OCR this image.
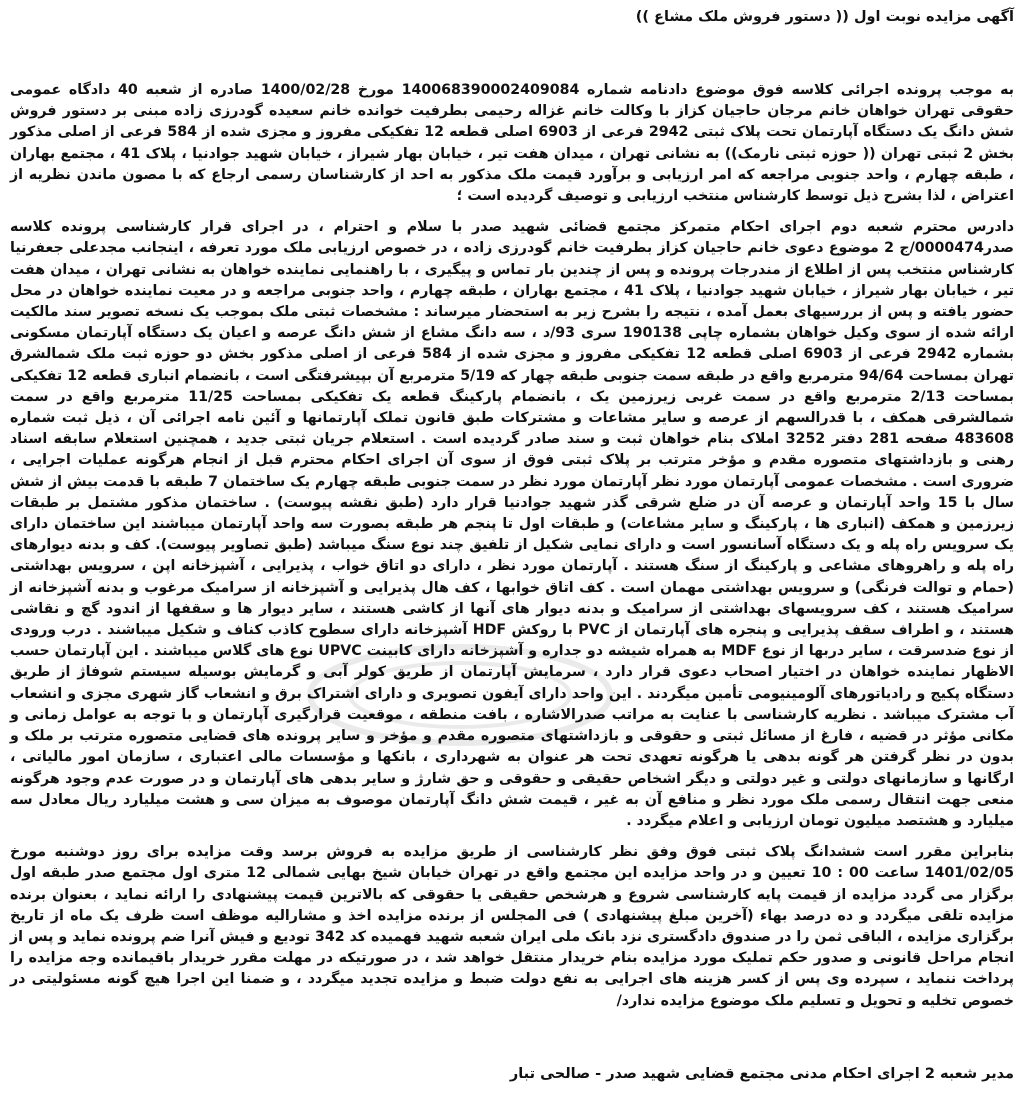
آگهی مزایده نوبت اول (( دستور فروش ملک مشاع ))

به موجب پرونده اجرائی کلاسه فوق موضوع دادنامه شماره 140068390002409084 مورخ 1400/02/28 صادره از شعبه 40 دادگاه عمومی حقوقی تهران خواهان خانم مرجان حاجیان کزاز با وکالت خانم غزاله رحیمی بطرفیت خوانده خانم سعیده گودرزی زاده مبنی بر دستور فروش شش دانگ یک دستگاه آپارتمان تحت پلاک ثبتی 2942 فرعی از 6903 اصلی قطعه 12 تفکیکی مفروز و مجزی شده از 584 فرعی از اصلی مذکور بخش 2 ثبتی تهران (( حوزه ثبتی نارمک)) به نشانی تهران ، میدان هفت تیر ، خیابان بهار شیراز ، خیابان شهید جوادنیا ، پلاک 41 ، مجتمع بهاران ، طبقه چهارم ، واحد جنوبی مراجعه که امر ارزیابی و برآورد قیمت ملک مذکور به احد از کارشناسان رسمی ارجاع که با مصون ماندن نظریه از اعتراض ، لذا بشرح ذیل توسط کارشناس منتخب ارزیابی و توصیف گردیده است ؛

دادرس محترم شعبه دوم اجرای احکام متمرکز مجتمع قضائی شهید صدر با سلام و احترام ، در اجرای قرار کارشناسی پرونده کلاسه صدر0000474/ج 2 موضوع دعوی خانم حاجیان کزاز بطرفیت خانم گودرزی زاده ، در خصوص ارزیابی ملک مورد تعرفه ، اینجانب مجدعلی جعفرنیا کارشناس منتخب پس از اطلاع از مندرجات پرونده و پس از چندین بار تماس و پیگیری ، با راهنمایی نماینده خواهان به نشانی تهران ، میدان هفت تیر ، خیابان بهار شیراز ، خیابان شهید جوادنیا ، پلاک 41 ، مجتمع بهاران ، طبقه چهارم ، واحد جنوبی مراجعه و در معیت نماینده خواهان در محل حضور یافته و پس از بررسیهای بعمل آمده ، نتیجه را بشرح زیر به استحضار میرساند : مشخصات ثبتی ملک بموجب یک نسخه تصویر سند مالکیت ارائه شده از سوی وکیل خواهان بشماره چاپی 190138 سری 93/د ، سه دانگ مشاع از شش دانگ عرصه و اعیان یک دستگاه آپارتمان مسکونی بشماره 2942 فرعی از 6903 اصلی قطعه 12 تفکیکی مفروز و مجزی شده از 584 فرعی از اصلی مذکور بخش دو حوزه ثبت ملک شمالشرق تهران بمساحت 94/64 مترمربع واقع در طبقه سمت جنوبی طبقه چهار که 5/19 مترمربع آن بپیشرفتگی است ، بانضمام انباری قطعه 12 تفکیکی بمساحت 2/13 مترمربع واقع در سمت غربی زیرزمین یک ، بانضمام پارکینگ قطعه یک تفکیکی بمساحت 11/25 مترمربع واقع در سمت شمالشرقی همکف ، با قدرالسهم از عرصه و سایر مشاعات و مشترکات طبق قانون تملک آپارتمانها و آئین نامه اجرائی آن ، ذیل ثبت شماره 483608 صفحه 281 دفتر 3252 املاک بنام خواهان ثبت و سند صادر گردیده است . استعلام جریان ثبتی جدید ، همچنین استعلام سابقه اسناد رهنی و بازداشتهای متصوره مقدم و مؤخر مترتب بر پلاک ثبتی فوق از سوی آن اجرای احکام محترم قبل از انجام هرگونه عملیات اجرایی ، ضروری است . مشخصات عمومی آپارتمان مورد نظر آپارتمان مورد نظر در سمت جنوبی طبقه چهارم یک ساختمان 7 طبقه با قدمت بیش از شش سال با 15 واحد آپارتمان و عرصه آن در ضلع شرقی گذر شهید جوادنیا قرار دارد (طبق نقشه پیوست) . ساختمان مذکور مشتمل بر طبقات زیرزمین و همکف (انباری ها ، پارکینگ و سایر مشاعات) و طبقات اول تا پنجم هر طبقه بصورت سه واحد آپارتمان میباشند این ساختمان دارای یک سرویس راه پله و یک دستگاه آسانسور است و دارای نمایی شکیل از تلفیق چند نوع سنگ میباشد (طبق تصاویر پیوست). کف و بدنه دیوارهای راه پله و راهروهای مشاعی و پارکینگ از سنگ هستند . آپارتمان مورد نظر ، دارای دو اتاق خواب ، پذیرایی ، آشپزخانه اپن ، سرویس بهداشتی (حمام و توالت فرنگی) و سرویس بهداشتی مهمان است . کف اتاق خوابها ، کف هال پذیرایی و آشپزخانه از سرامیک مرغوب و بدنه آشپزخانه از سرامیک هستند ، کف سرویسهای بهداشتی از سرامیک و بدنه دیوار های آنها از کاشی هستند ، سایر دیوار ها و سقفها از اندود گچ و نقاشی هستند ، و اطراف سقف پذیرایی و پنجره های آپارتمان از PVC با روکش HDF آشپزخانه دارای سطوح کاذب کناف و شکیل میباشند . درب ورودی از نوع ضدسرقت ، سایر دربها از نوع MDF به همراه شیشه دو جداره و آشپزخانه دارای کابینت UPVC نوع های گلاس میباشند . این آپارتمان حسب الاظهار نماینده خواهان در اختیار اصحاب دعوی قرار دارد ، سرمایش آپارتمان از طریق کولر آبی و گرمایش بوسیله سیستم شوفاژ از طریق دستگاه پکیج و رادیاتورهای آلومینیومی تأمین میگردند . این واحد دارای آیفون تصویری و دارای اشتراک برق و انشعاب گاز شهری مجزی و انشعاب آب مشترک میباشد . نظریه کارشناسی با عنایت به مراتب صدرالاشاره ، بافت منطقه ، موقعیت قرارگیری آپارتمان و با توجه به عوامل زمانی و مکانی مؤثر در قضیه ، فارغ از مسائل ثبتی و حقوقی و بازداشتهای متصوره مقدم و مؤخر و سایر پرونده های قضایی متصوره مترتب بر ملک و بدون در نظر گرفتن هر گونه بدهی یا هرگونه تعهدی تحت هر عنوان به شهرداری ، بانکها و مؤسسات مالی اعتباری ، سازمان امور مالیاتی ، ارگانها و سازمانهای دولتی و غیر دولتی و دیگر اشخاص حقیقی و حقوقی و حق شارژ و سایر بدهی های آپارتمان و در صورت عدم وجود هرگونه منعی جهت انتقال رسمی ملک مورد نظر و منافع آن به غیر ، قیمت شش دانگ آپارتمان موصوف به میزان سی و هشت میلیارد ریال معادل سه میلیارد و هشتصد میلیون تومان ارزیابی و اعلام میگردد .

بنابراین مقرر است ششدانگ پلاک ثبتی فوق وفق نظر کارشناسی از طریق مزایده به فروش برسد وقت مزایده برای روز دوشنبه مورخ 1401/02/05 ساعت 00 : 10 تعیین و در واحد مزایده این مجتمع واقع در تهران خیابان شیخ بهایی شمالی 12 متری اول مجتمع صدر طبقه اول برگزار می گردد مزایده از قیمت پایه کارشناسی شروع و هرشخص حقیقی یا حقوقی که بالاترین قیمت پیشنهادی را ارائه نماید ، بعنوان برنده مزایده تلقی میگردد و ده درصد بهاء (آخرین مبلغ پیشنهادی ) فی المجلس از برنده مزایده اخذ و مشارالیه موظف است ظرف یک ماه از تاریخ برگزاری مزایده ، الباقی ثمن را در صندوق دادگستری نزد بانک ملی ایران شعبه شهید فهمیده کد 342 تودیع و فیش آنرا ضم پرونده نماید و پس از انجام مراحل قانونی و صدور حکم تملیک مورد مزایده بنام خریدار منتقل خواهد شد ، در صورتیکه در مهلت مقرر خریدار باقیمانده وجه مزایده را پرداخت ننماید ، سپرده وی پس از کسر هزینه های اجرایی به نفع دولت ضبط و مزایده تجدید میگردد ، و ضمنا این اجرا هیچ گونه مسئولیتی در خصوص تخلیه و تحویل و تسلیم ملک موضوع مزایده ندارد/

مدیر شعبه 2 اجرای احکام مدنی مجتمع قضایی شهید صدر - صالحی تبار
